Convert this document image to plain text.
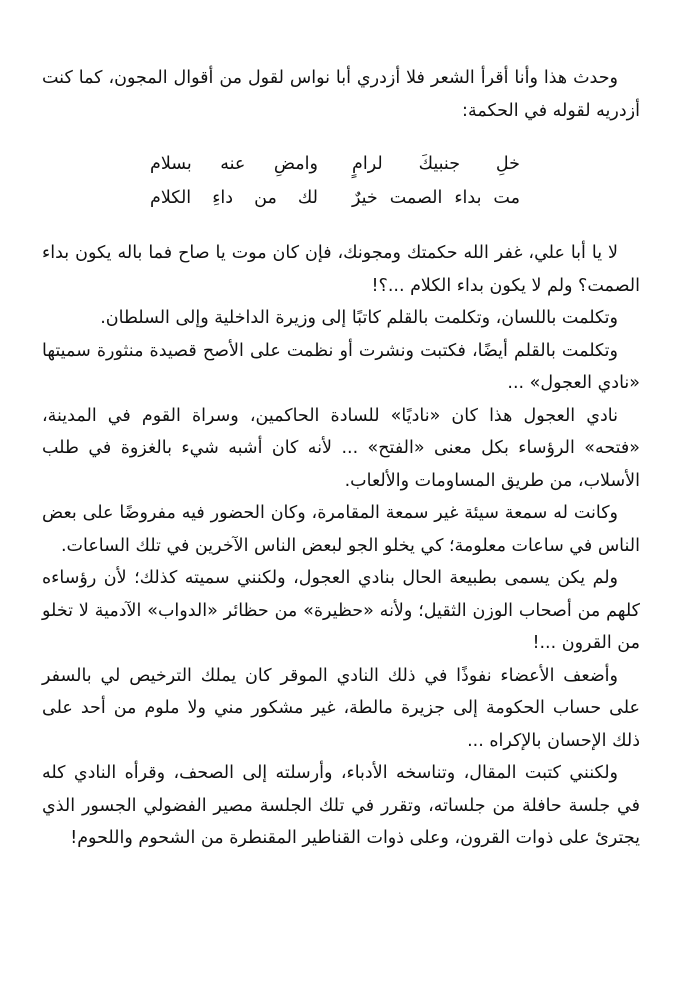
وحدث هذا وأنا أقرأ الشعر فلا أزدري أبا نواس لقول من أقوال المجون، كما كنت أزدريه لقوله في الحكمة:

خلِ جنبيكَ لرامٍ
وامضِ عنه بسلام
مت بداء الصمت خيرٌ
لك من داءِ الكلام

لا يا أبا علي، غفر الله حكمتك ومجونك، فإن كان موت يا صاح فما باله يكون بداء الصمت؟ ولم لا يكون بداء الكلام ...؟!

وتكلمت باللسان، وتكلمت بالقلم كاتبًا إلى وزيرة الداخلية وإلى السلطان.

وتكلمت بالقلم أيضًا، فكتبت ونشرت أو نظمت على الأصح قصيدة منثورة سميتها «نادي العجول» ...

نادي العجول هذا كان «ناديًا» للسادة الحاكمين، وسراة القوم في المدينة، «فتحه» الرؤساء بكل معنى «الفتح» ... لأنه كان أشبه شيء بالغزوة في طلب الأسلاب، من طريق المساومات والألعاب.

وكانت له سمعة سيئة غير سمعة المقامرة، وكان الحضور فيه مفروضًا على بعض الناس في ساعات معلومة؛ كي يخلو الجو لبعض الناس الآخرين في تلك الساعات.

ولم يكن يسمى بطبيعة الحال بنادي العجول، ولكنني سميته كذلك؛ لأن رؤساءه كلهم من أصحاب الوزن الثقيل؛ ولأنه «حظيرة» من حظائر «الدواب» الآدمية لا تخلو من القرون ...!

وأضعف الأعضاء نفوذًا في ذلك النادي الموقر كان يملك الترخيص لي بالسفر على حساب الحكومة إلى جزيرة مالطة، غير مشكور مني ولا ملوم من أحد على ذلك الإحسان بالإكراه ...

ولكنني كتبت المقال، وتناسخه الأدباء، وأرسلته إلى الصحف، وقرأه النادي كله في جلسة حافلة من جلساته، وتقرر في تلك الجلسة مصير الفضولي الجسور الذي يجترئ على ذوات القرون، وعلى ذوات القناطير المقنطرة من الشحوم واللحوم!
